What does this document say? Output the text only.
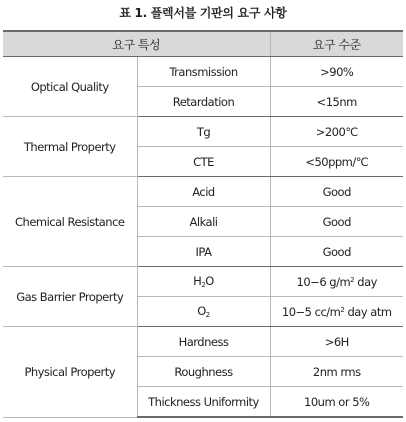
표 1. 플렉서블 기판의 요구 사항
요구 특성		요구 수준
Optical Quality	Transmission	>90%
	Retardation	<15nm
Thermal Property	Tg	>200℃
	CTE	<50ppm/℃
Chemical Resistance	Acid	Good
	Alkali	Good
	IPA	Good
Gas Barrier Property	$H_2O$	10−6 $g/m^2$ day
	$O_2$	10−5 $cc/m^2$ day atm
Physical Property	Hardness	>6H
	Roughness	2nm rms
	Thickness Uniformity	10um or 5%
